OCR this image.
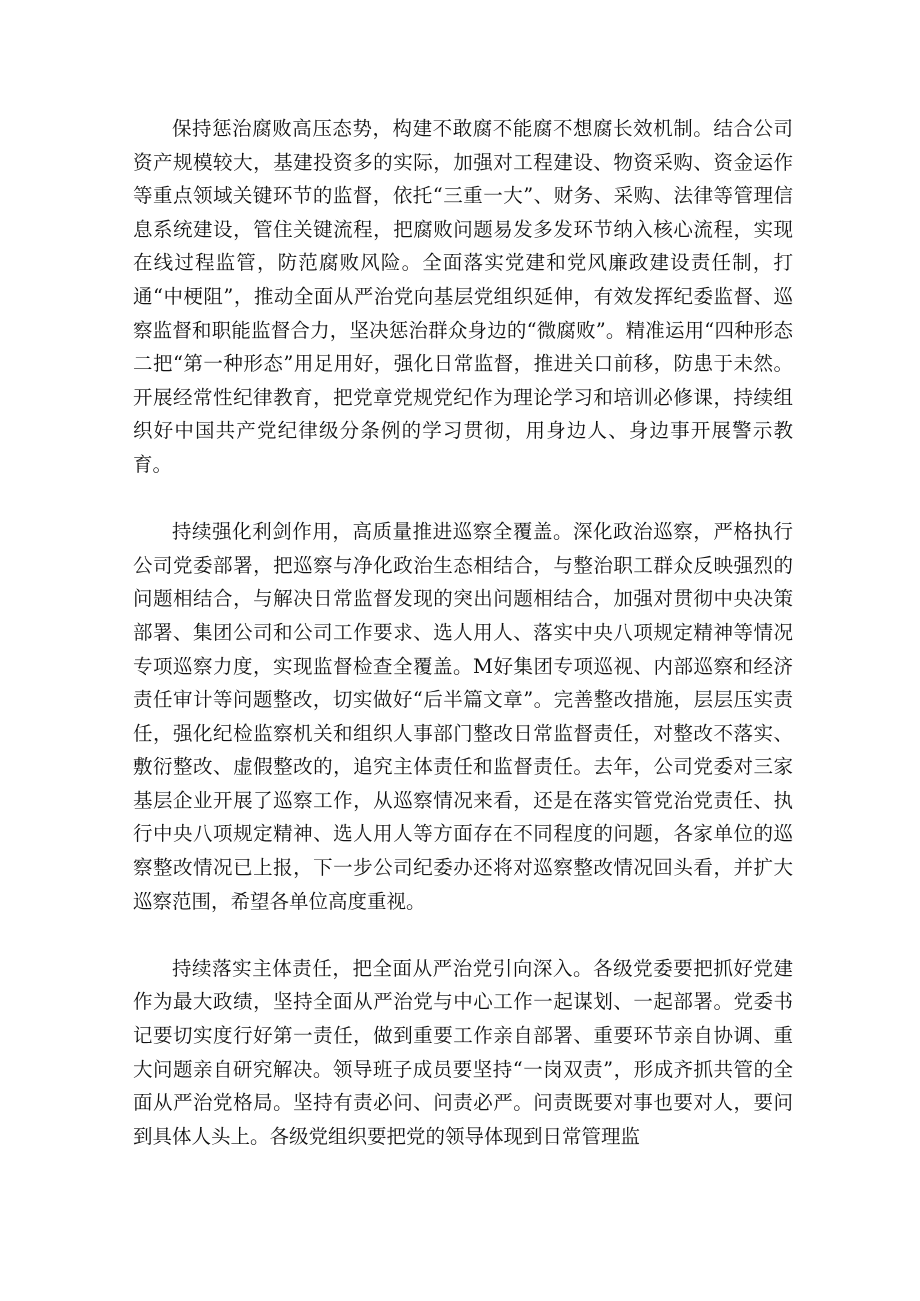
保持惩治腐败高压态势，构建不敢腐不能腐不想腐长效机制。结合公司资产规模较大，基建投资多的实际，加强对工程建设、物资采购、资金运作等重点领域关键环节的监督，依托“三重一大”、财务、采购、法律等管理信息系统建设，管住关键流程，把腐败问题易发多发环节纳入核心流程，实现在线过程监管，防范腐败风险。全面落实党建和党风廉政建设责任制，打通“中梗阻”，推动全面从严治党向基层党组织延伸，有效发挥纪委监督、巡察监督和职能监督合力，坚决惩治群众身边的“微腐败”。精准运用“四种形态二把“第一种形态”用足用好，强化日常监督，推进关口前移，防患于未然。开展经常性纪律教育，把党章党规党纪作为理论学习和培训必修课，持续组织好中国共产党纪律级分条例的学习贯彻，用身边人、身边事开展警示教育。

持续强化利剑作用，高质量推进巡察全覆盖。深化政治巡察，严格执行公司党委部署，把巡察与净化政治生态相结合，与整治职工群众反映强烈的问题相结合，与解决日常监督发现的突出问题相结合，加强对贯彻中央决策部署、集团公司和公司工作要求、选人用人、落实中央八项规定精神等情况专项巡察力度，实现监督检查全覆盖。M好集团专项巡视、内部巡察和经济责任审计等问题整改，切实做好“后半篇文章”。完善整改措施，层层压实责任，强化纪检监察机关和组织人事部门整改日常监督责任，对整改不落实、敷衍整改、虚假整改的，追究主体责任和监督责任。去年，公司党委对三家基层企业开展了巡察工作，从巡察情况来看，还是在落实管党治党责任、执行中央八项规定精神、选人用人等方面存在不同程度的问题，各家单位的巡察整改情况已上报，下一步公司纪委办还将对巡察整改情况回头看，并扩大巡察范围，希望各单位高度重视。

持续落实主体责任，把全面从严治党引向深入。各级党委要把抓好党建作为最大政绩，坚持全面从严治党与中心工作一起谋划、一起部署。党委书记要切实度行好第一责任，做到重要工作亲自部署、重要环节亲自协调、重大问题亲自研究解决。领导班子成员要坚持“一岗双责”，形成齐抓共管的全面从严治党格局。坚持有责必问、问责必严。问责既要对事也要对人，要问到具体人头上。各级党组织要把党的领导体现到日常管理监
